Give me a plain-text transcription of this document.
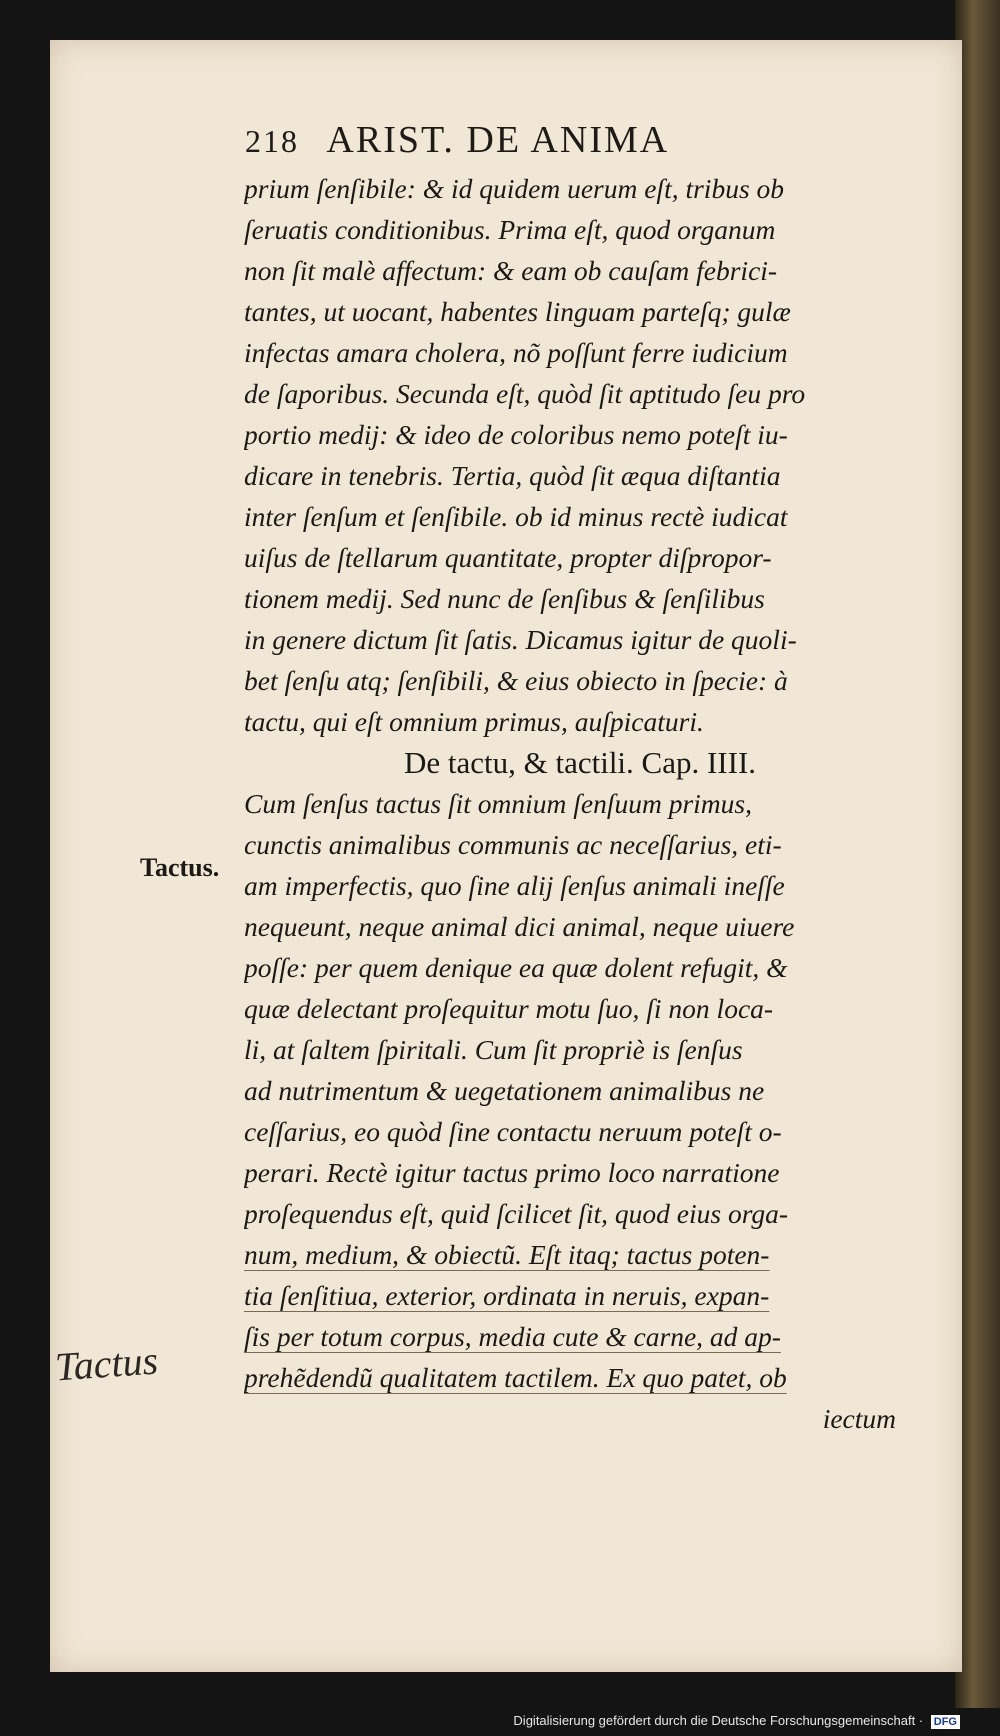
218 ARIST. DE ANIMA
prium ſenſibile: & id quidem uerum eſt, tribus ob
ſeruatis conditionibus. Prima eſt, quod organum
non ſit malè affectum: & eam ob cauſam febrici-
tantes, ut uocant, habentes linguam parteſq; gulæ
infectas amara cholera, nõ poſſunt ferre iudicium
de ſaporibus. Secunda eſt, quòd ſit aptitudo ſeu pro
portio medij: & ideo de coloribus nemo poteſt iu-
dicare in tenebris. Tertia, quòd ſit æqua diſtantia
inter ſenſum et ſenſibile. ob id minus rectè iudicat
uiſus de ſtellarum quantitate, propter diſpropor-
tionem medij. Sed nunc de ſenſibus & ſenſilibus
in genere dictum ſit ſatis. Dicamus igitur de quoli-
bet ſenſu atq; ſenſibili, & eius obiecto in ſpecie: à
tactu, qui eſt omnium primus, auſpicaturi.
De tactu, & tactili. Cap. IIII.
Cum ſenſus tactus ſit omnium ſenſuum primus,
cunctis animalibus communis ac neceſſarius, eti-
am imperfectis, quo ſine alij ſenſus animali ineſſe
nequeunt, neque animal dici animal, neque uiuere
poſſe: per quem denique ea quæ dolent refugit, &
quæ delectant proſequitur motu ſuo, ſi non loca-
li, at ſaltem ſpiritali. Cum ſit propriè is ſenſus
ad nutrimentum & uegetationem animalibus ne
ceſſarius, eo quòd ſine contactu neruum poteſt o-
perari. Rectè igitur tactus primo loco narratione
proſequendus eſt, quid ſcilicet ſit, quod eius orga-
num, medium, & obiectũ. Eſt itaq; tactus poten-
tia ſenſitiua, exterior, ordinata in neruis, expan-
ſis per totum corpus, media cute & carne, ad ap-
prehẽdendũ qualitatem tactilem. Ex quo patet, ob
iectum
Tactus.
Tactus
Digitalisierung gefördert durch die Deutsche Forschungsgemeinschaft · DFG
